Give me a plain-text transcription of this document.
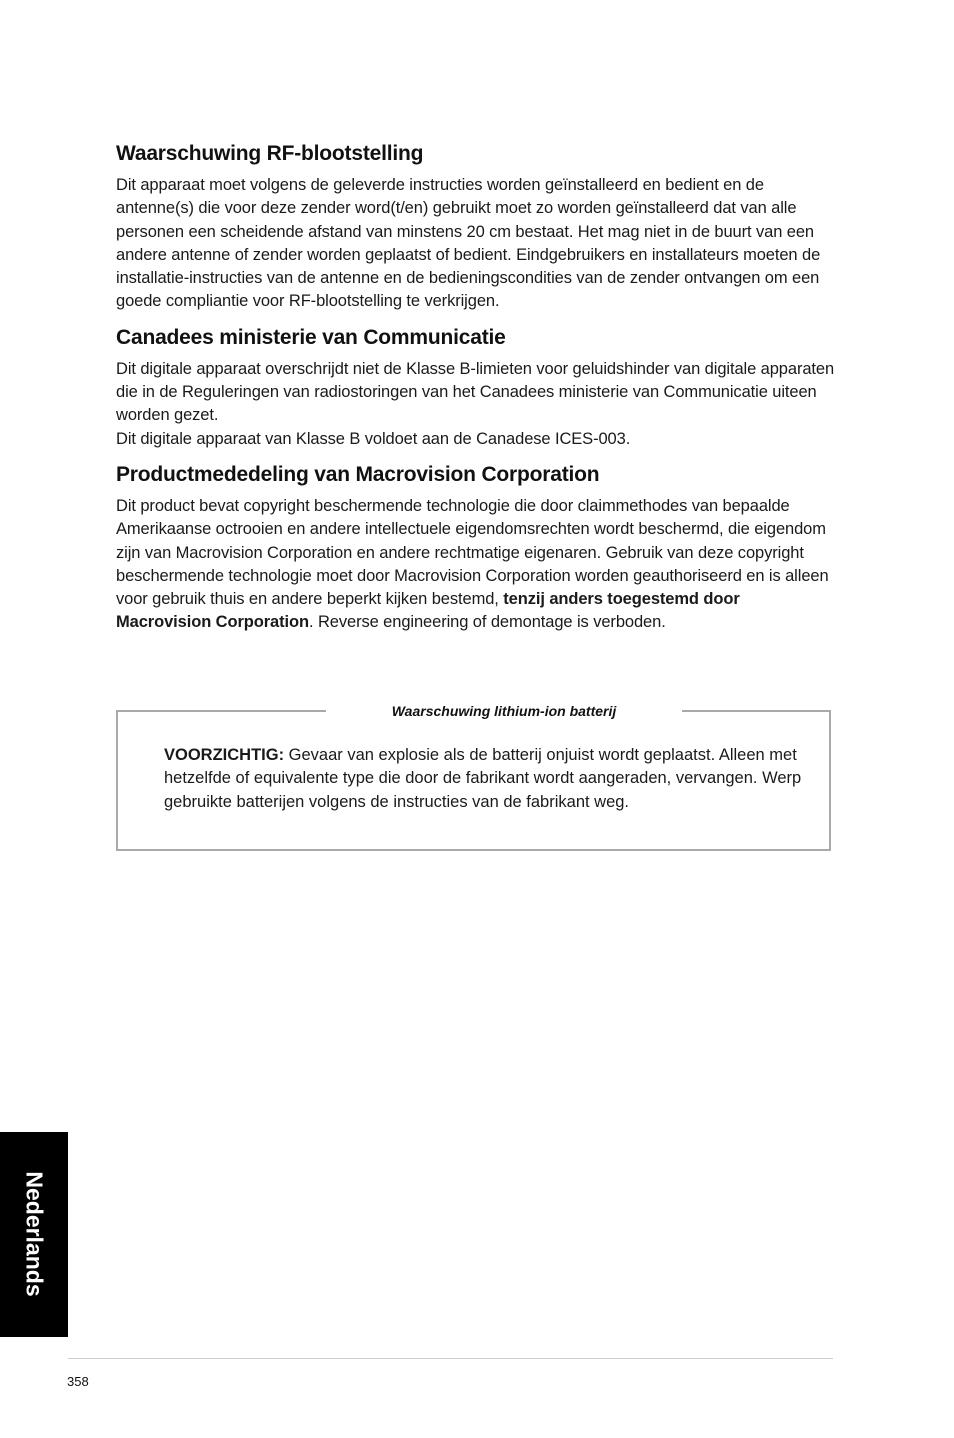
Waarschuwing RF-blootstelling

Dit apparaat moet volgens de geleverde instructies worden geïnstalleerd en bedient en de antenne(s) die voor deze zender word(t/en) gebruikt moet zo worden geïnstalleerd dat van alle personen een scheidende afstand van minstens 20 cm bestaat. Het mag niet in de buurt van een andere antenne of zender worden geplaatst of bedient. Eindgebruikers en installateurs moeten de installatie-instructies van de antenne en de bedieningscondities van de zender ontvangen om een goede compliantie voor RF-blootstelling te verkrijgen.

Canadees ministerie van Communicatie

Dit digitale apparaat overschrijdt niet de Klasse B-limieten voor geluidshinder van digitale apparaten die in de Reguleringen van radiostoringen van het Canadees ministerie van Communicatie uiteen worden gezet.

Dit digitale apparaat van Klasse B voldoet aan de Canadese ICES-003.

Productmededeling van Macrovision Corporation

Dit product bevat copyright beschermende technologie die door claimmethodes van bepaalde Amerikaanse octrooien en andere intellectuele eigendomsrechten wordt beschermd, die eigendom zijn van Macrovision Corporation en andere rechtmatige eigenaren. Gebruik van deze copyright beschermende technologie moet door Macrovision Corporation worden geauthoriseerd en is alleen voor gebruik thuis en andere beperkt kijken bestemd, tenzij anders toegestemd door Macrovision Corporation. Reverse engineering of demontage is verboden.

Waarschuwing lithium-ion batterij
VOORZICHTIG: Gevaar van explosie als de batterij onjuist wordt geplaatst. Alleen met hetzelfde of equivalente type die door de fabrikant wordt aangeraden, vervangen. Werp gebruikte batterijen volgens de instructies van de fabrikant weg.
Nederlands
358
